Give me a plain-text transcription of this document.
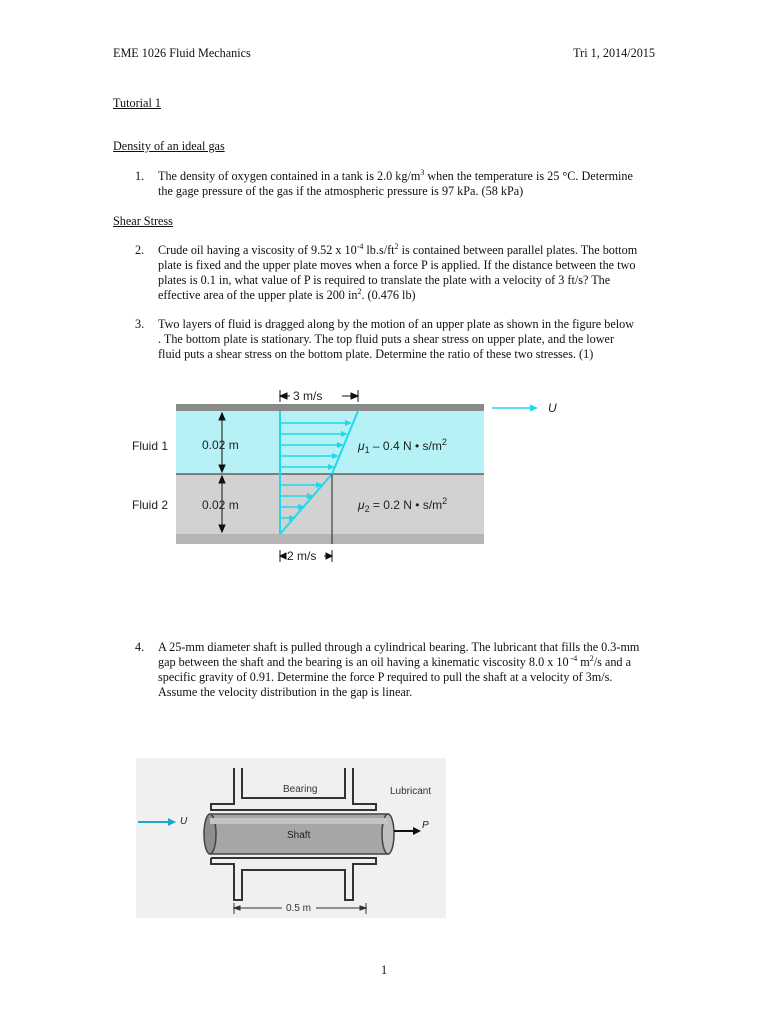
EME 1026 Fluid Mechanics	Tri 1, 2014/2015
Tutorial 1
Density of an ideal gas
1. The density of oxygen contained in a tank is 2.0 $kg/m^3$ when the temperature is 25 °C. Determine
the gage pressure of the gas if the atmospheric pressure is 97 kPa. (58 kPa)
Shear Stress
2. Crude oil having a viscosity of 9.52 x $10^{-4}$ $lb.s/ft^2$ is contained between parallel plates. The bottom
plate is fixed and the upper plate moves when a force P is applied. If the distance between the two
plates is 0.1 in, what value of P is required to translate the plate with a velocity of 3 ft/s? The
effective area of the upper plate is 200 $in^2$. (0.476 lb)
3. Two layers of fluid is dragged along by the motion of an upper plate as shown in the figure below
. The bottom plate is stationary. The top fluid puts a shear stress on upper plate, and the lower
fluid puts a shear stress on the bottom plate. Determine the ratio of these two stresses. (1)
0.02 m
0.02 m
Fluid 1
Fluid 2
3 m/s
2 m/s
U
$\mu_1 - 0.4$ N • $s/m^2$
$\mu_2 = 0.2$ N • $s/m^2$
4. A 25-mm diameter shaft is pulled through a cylindrical bearing. The lubricant that fills the 0.3-mm
gap between the shaft and the bearing is an oil having a kinematic viscosity 8.0 x 10 $^{-4}$ $m^2/s$ and a
specific gravity of 0.91. Determine the force P required to pull the shaft at a velocity of 3m/s.
Assume the velocity distribution in the gap is linear.
Bearing	Lubricant
Shaft
U	P
0.5 m
1
